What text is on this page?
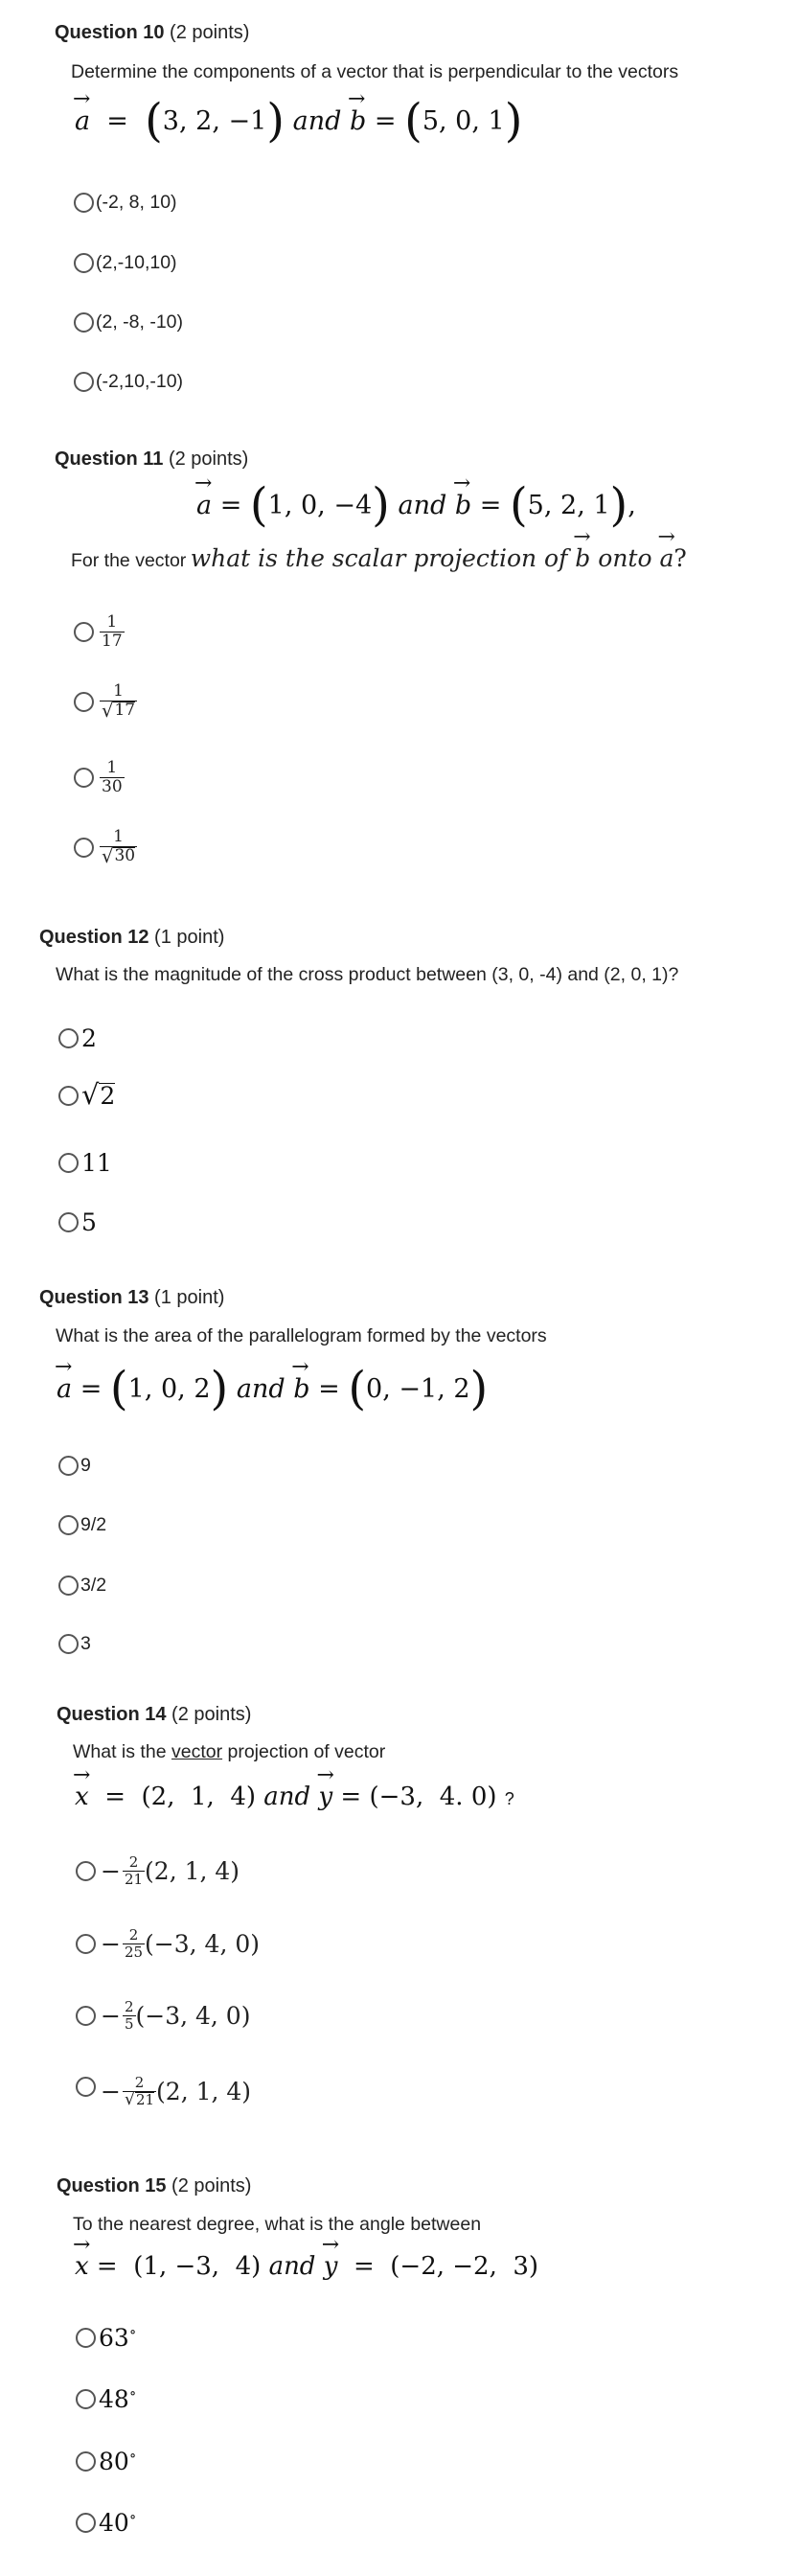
Question 10 (2 points)
Determine the components of a vector that is perpendicular to the vectors
→ a  =  (3, 2, −1) and → b = (5, 0, 1)
(-2, 8, 10)
(2,-10,10)
(2, -8, -10)
(-2,10,-10)
Question 11 (2 points)
→ a = (1, 0, −4) and → b = (5, 2, 1),
For the vector what is the scalar projection of → b onto → a?
$\frac{1}{17}$
$\frac{1}{√ 17}$
$\frac{1}{30}$
$\frac{1}{√ 30}$
Question 12 (1 point)
What is the magnitude of the cross product between (3, 0, -4) and (2, 0, 1)?
2
√ 2
11
5
Question 13 (1 point)
What is the area of the parallelogram formed by the vectors
→ a = (1, 0, 2) and → b = (0, −1, 2)
9
9/2
3/2
3
Question 14 (2 points)
What is the vector projection of vector
→ x  =  (2,  1,  4) and → y = (−3,  4. 0) ?
− $\frac{2}{21} (2$, 1, 4)
− $\frac{2}{25} (-3$, 4, 0)
− $\frac{2}{5} (-3$, 4, 0)
− $\frac{2}{√ 21} (2$, 1, 4)
Question 15 (2 points)
To the nearest degree, what is the angle between
→ x =  (1, −3,  4) and → y  =  (−2, −2,  3)
63∘
48∘
80∘
40∘
